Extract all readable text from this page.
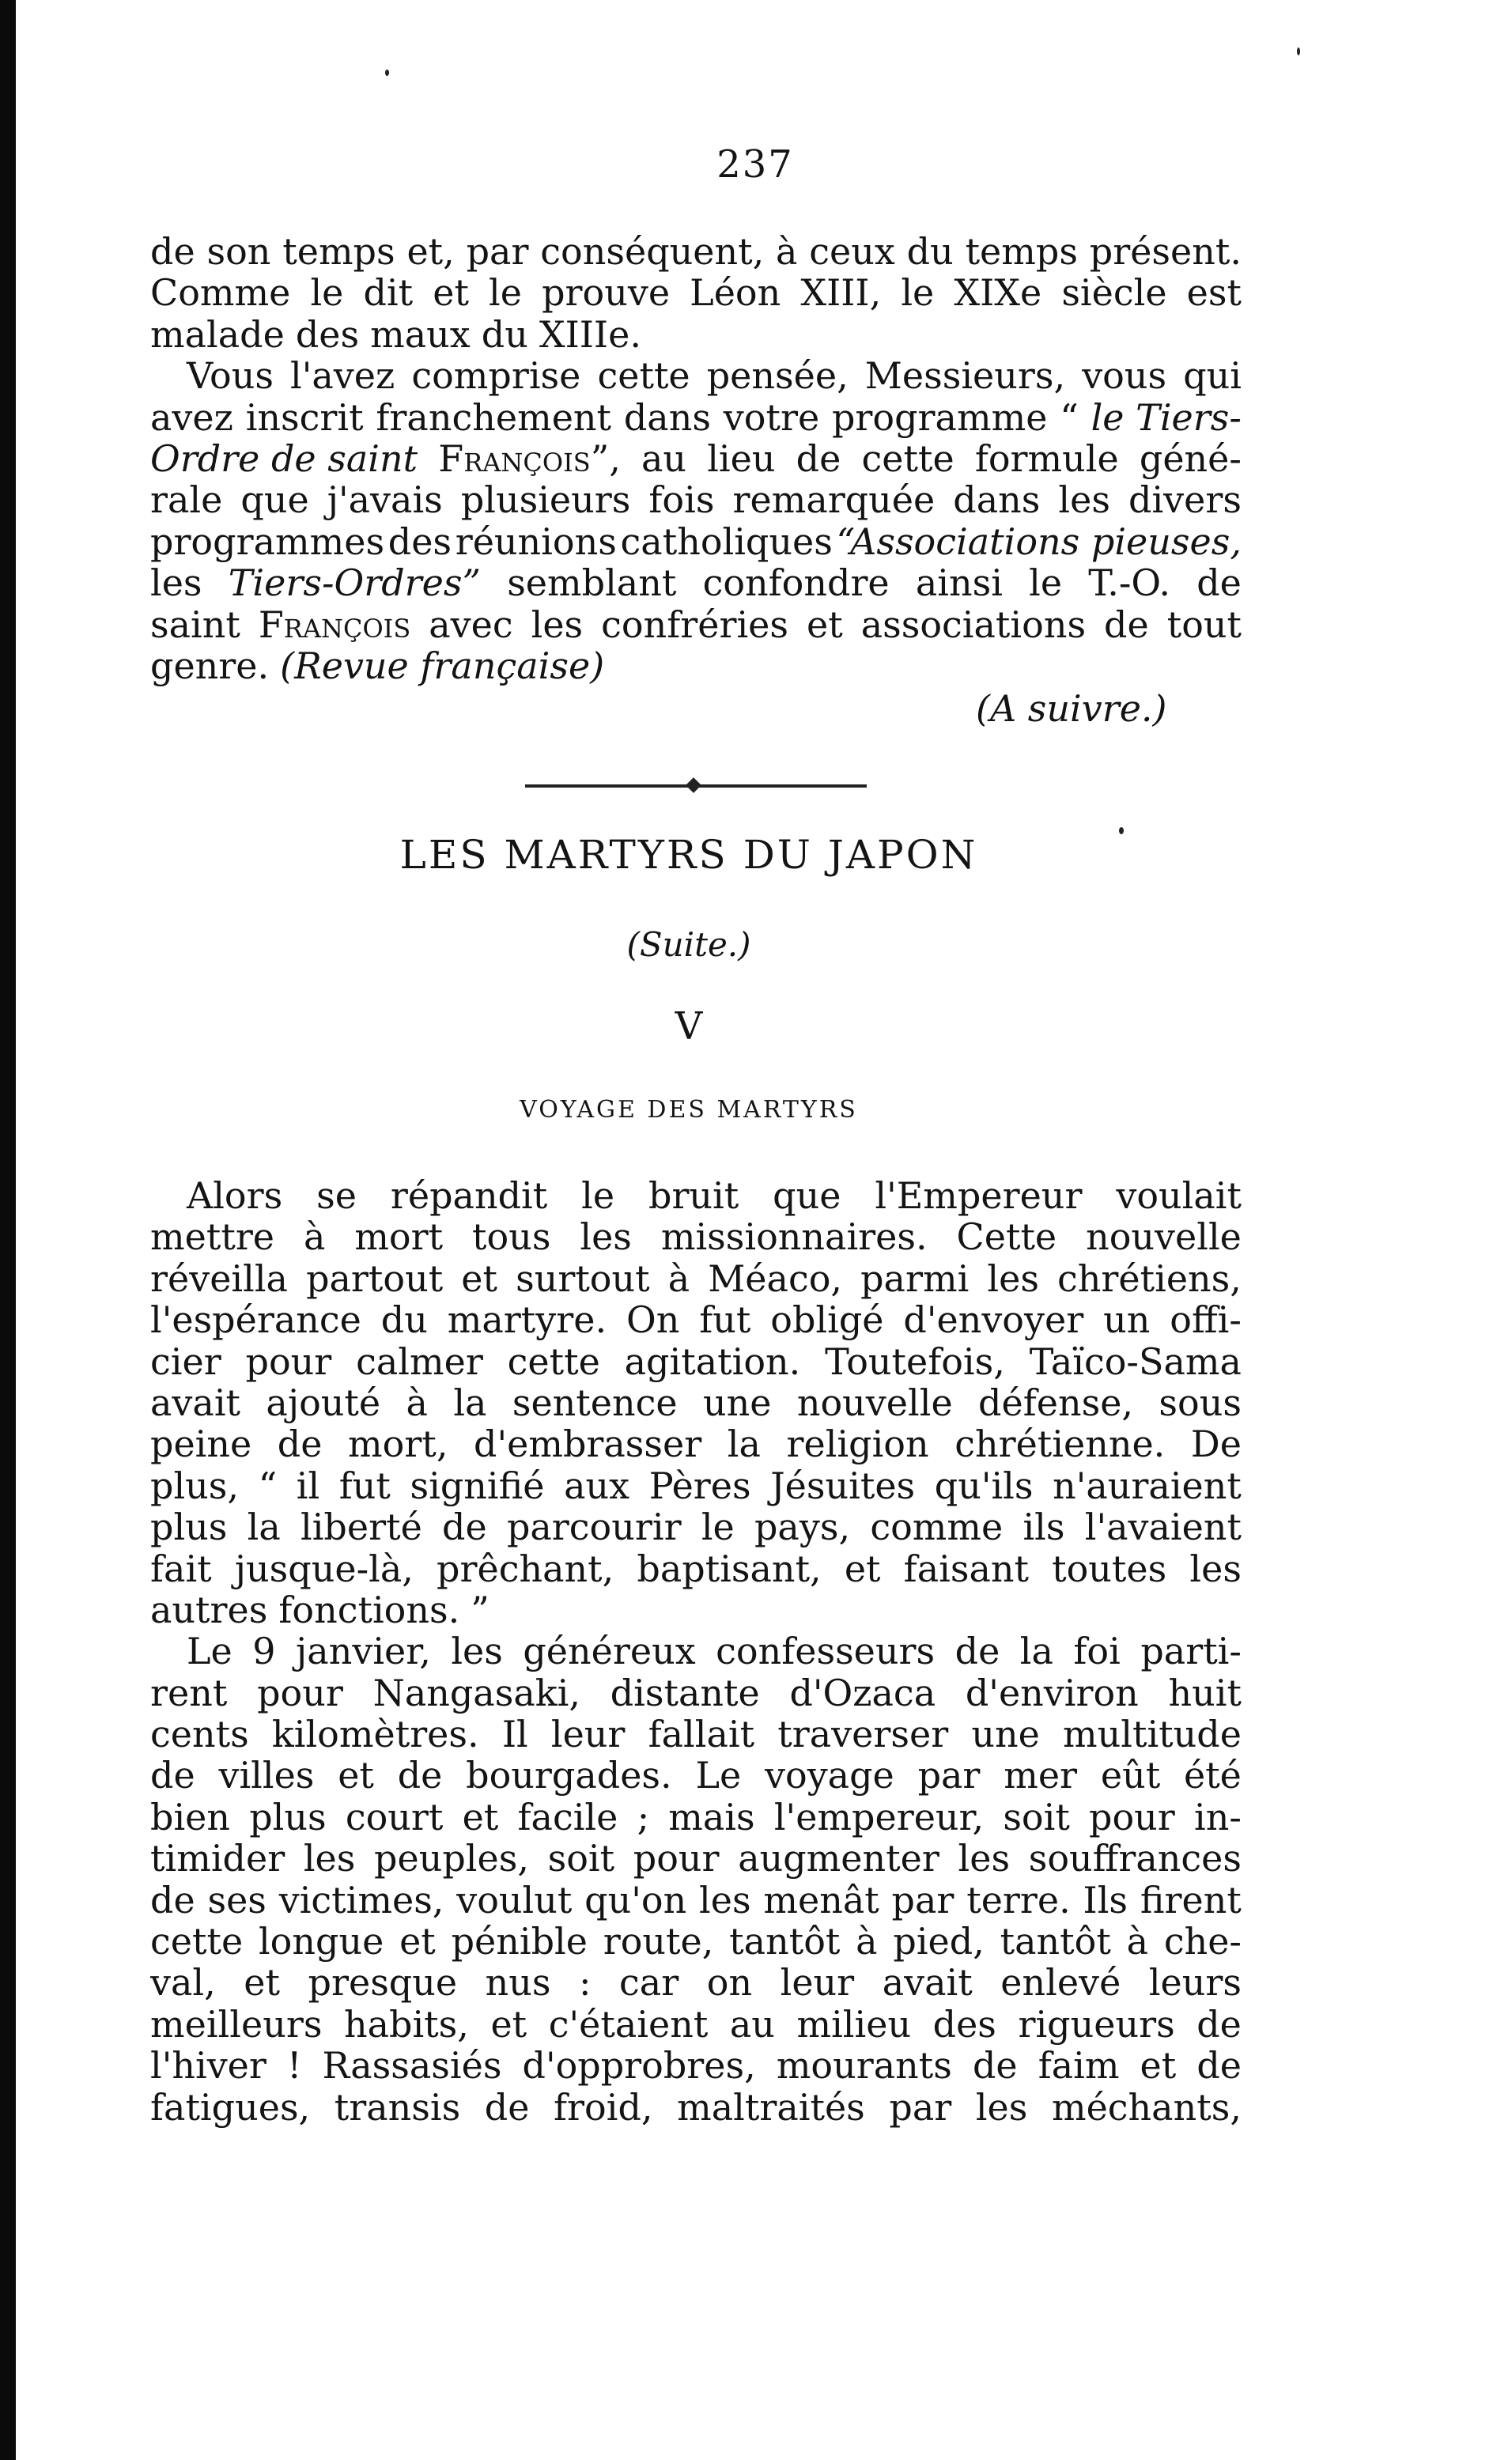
237
de son temps et, par conséquent, à ceux du temps présent.
Comme le dit et le prouve Léon XIII, le XIXe siècle est
malade des maux du XIIIe.
Vous l'avez comprise cette pensée, Messieurs, vous qui
avez inscrit franchement dans votre programme “ le Tiers-
Ordre de saint François”, au lieu de cette formule géné-
rale que j'avais plusieurs fois remarquée dans les divers
programmes des réunions catholiques “Associations pieuses,
les Tiers-Ordres” semblant confondre ainsi le T.-O. de
saint François avec les confréries et associations de tout
genre. (Revue française)
(A suivre.)
LES MARTYRS DU JAPON
(Suite.)
V
VOYAGE DES MARTYRS
Alors se répandit le bruit que l'Empereur voulait
mettre à mort tous les missionnaires. Cette nouvelle
réveilla partout et surtout à Méaco, parmi les chrétiens,
l'espérance du martyre. On fut obligé d'envoyer un offi-
cier pour calmer cette agitation. Toutefois, Taïco-Sama
avait ajouté à la sentence une nouvelle défense, sous
peine de mort, d'embrasser la religion chrétienne. De
plus, “ il fut signifié aux Pères Jésuites qu'ils n'auraient
plus la liberté de parcourir le pays, comme ils l'avaient
fait jusque-là, prêchant, baptisant, et faisant toutes les
autres fonctions. ”
Le 9 janvier, les généreux confesseurs de la foi parti-
rent pour Nangasaki, distante d'Ozaca d'environ huit
cents kilomètres. Il leur fallait traverser une multitude
de villes et de bourgades. Le voyage par mer eût été
bien plus court et facile ; mais l'empereur, soit pour in-
timider les peuples, soit pour augmenter les souffrances
de ses victimes, voulut qu'on les menât par terre. Ils firent
cette longue et pénible route, tantôt à pied, tantôt à che-
val, et presque nus : car on leur avait enlevé leurs
meilleurs habits, et c'étaient au milieu des rigueurs de
l'hiver ! Rassasiés d'opprobres, mourants de faim et de
fatigues, transis de froid, maltraités par les méchants,
